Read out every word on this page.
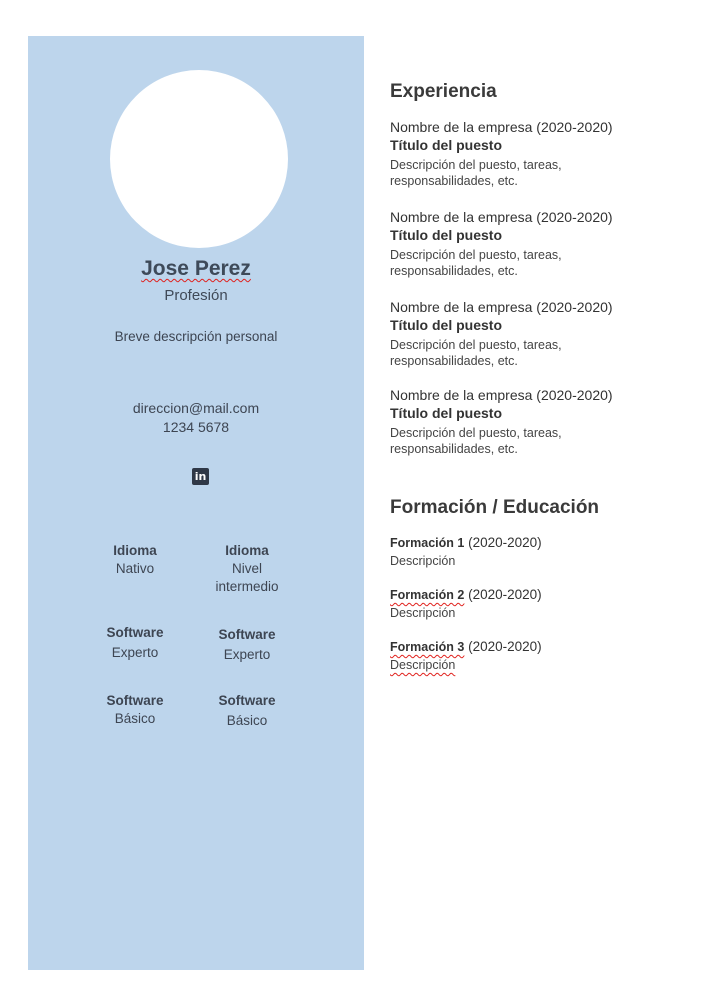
Jose Perez
Profesión
Breve descripción personal
direccion@mail.com
1234 5678
in
Idioma
Nativo
Idioma
Nivel intermedio
Software
Experto
Software
Experto
Software
Básico
Software
Básico
Experiencia
Nombre de la empresa (2020-2020)
Título del puesto
Descripción del puesto, tareas, responsabilidades, etc.
Nombre de la empresa (2020-2020)
Título del puesto
Descripción del puesto, tareas, responsabilidades, etc.
Nombre de la empresa (2020-2020)
Título del puesto
Descripción del puesto, tareas, responsabilidades, etc.
Nombre de la empresa (2020-2020)
Título del puesto
Descripción del puesto, tareas, responsabilidades, etc.
Formación / Educación
Formación 1 (2020-2020)
Descripción
Formación 2 (2020-2020)
Descripción
Formación 3 (2020-2020)
Descripción
